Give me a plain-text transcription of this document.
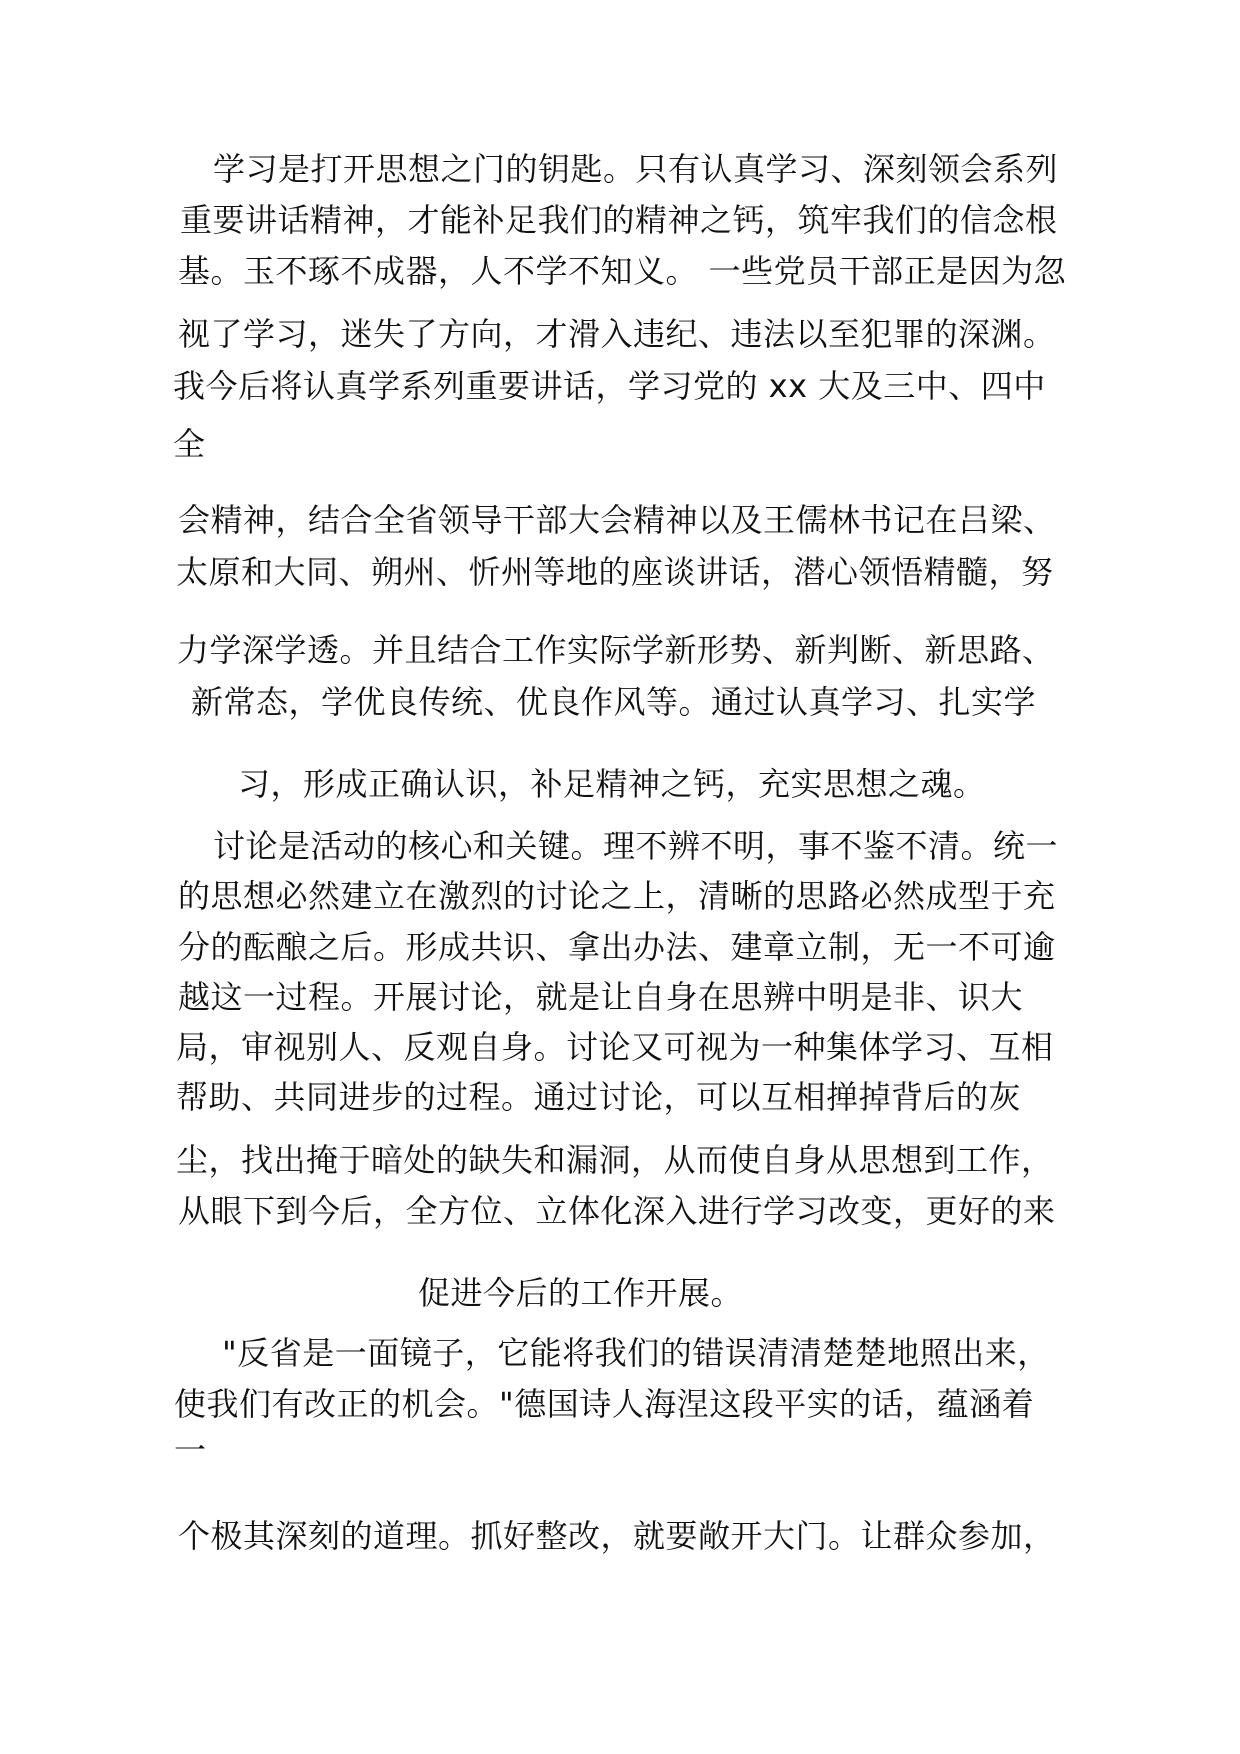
学习是打开思想之门的钥匙。只有认真学习、深刻领会系列
重要讲话精神，才能补足我们的精神之钙，筑牢我们的信念根
基。玉不琢不成器，人不学不知义。 一些党员干部正是因为忽
视了学习，迷失了方向，才滑入违纪、违法以至犯罪的深渊。
我今后将认真学系列重要讲话，学习党的 xx 大及三中、四中
全
会精神，结合全省领导干部大会精神以及王儒林书记在吕梁、
太原和大同、朔州、忻州等地的座谈讲话，潜心领悟精髓，努
力学深学透。并且结合工作实际学新形势、新判断、新思路、
新常态，学优良传统、优良作风等。通过认真学习、扎实学
习，形成正确认识，补足精神之钙，充实思想之魂。
讨论是活动的核心和关键。理不辨不明，事不鉴不清。统一
的思想必然建立在激烈的讨论之上，清晰的思路必然成型于充
分的酝酿之后。形成共识、拿出办法、建章立制，无一不可逾
越这一过程。开展讨论，就是让自身在思辨中明是非、识大
局，审视别人、反观自身。讨论又可视为一种集体学习、互相
帮助、共同进步的过程。通过讨论，可以互相掸掉背后的灰
尘，找出掩于暗处的缺失和漏洞，从而使自身从思想到工作，
从眼下到今后，全方位、立体化深入进行学习改变，更好的来
促进今后的工作开展。
"反省是一面镜子，它能将我们的错误清清楚楚地照出来，
使我们有改正的机会。"德国诗人海涅这段平实的话，蕴涵着
一
个极其深刻的道理。抓好整改，就要敞开大门。让群众参加，
